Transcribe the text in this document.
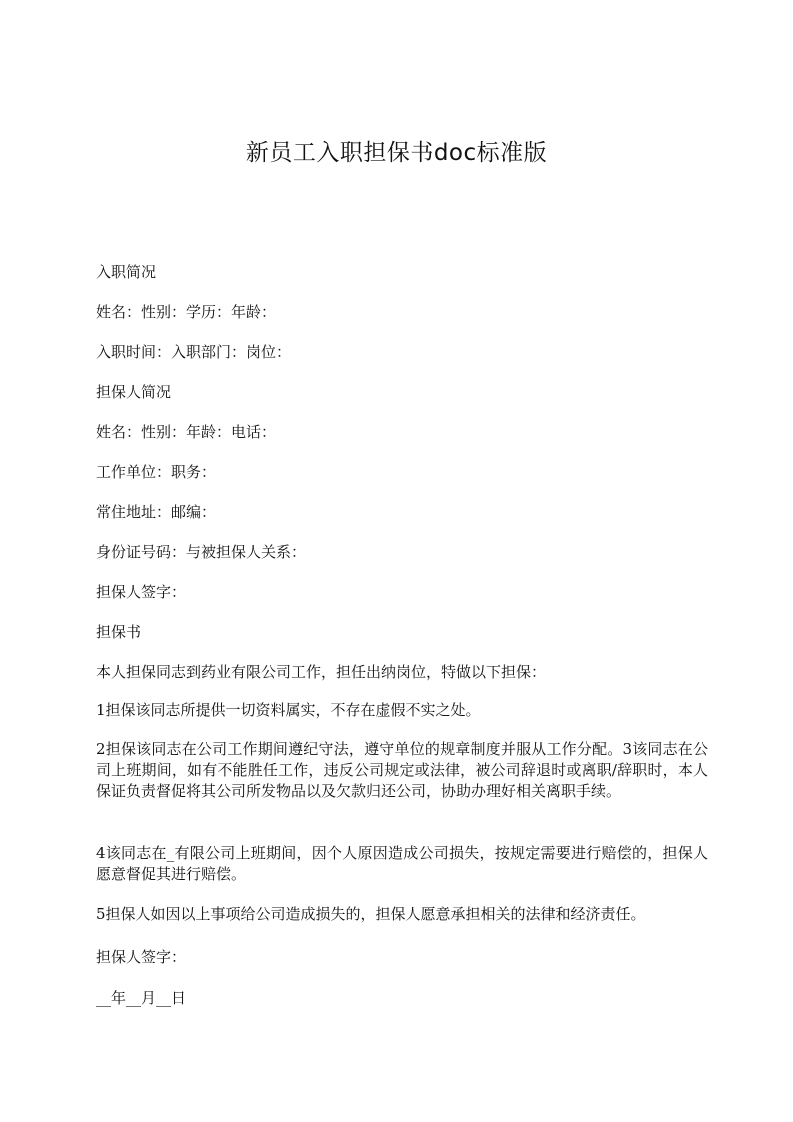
新员工入职担保书doc标准版

入职简况

姓名：性别：学历：年龄：

入职时间：入职部门：岗位：

担保人简况

姓名：性别：年龄：电话：

工作单位：职务：

常住地址：邮编：

身份证号码：与被担保人关系：

担保人签字：

担保书

本人担保同志到药业有限公司工作，担任出纳岗位，特做以下担保：

1担保该同志所提供一切资料属实，不存在虚假不实之处。

2担保该同志在公司工作期间遵纪守法，遵守单位的规章制度并服从工作分配。3该同志在公司上班期间，如有不能胜任工作，违反公司规定或法律，被公司辞退时或离职/辞职时，本人保证负责督促将其公司所发物品以及欠款归还公司，协助办理好相关离职手续。

4该同志在_有限公司上班期间，因个人原因造成公司损失，按规定需要进行赔偿的，担保人愿意督促其进行赔偿。

5担保人如因以上事项给公司造成损失的，担保人愿意承担相关的法律和经济责任。

担保人签字：

__年__月__日
